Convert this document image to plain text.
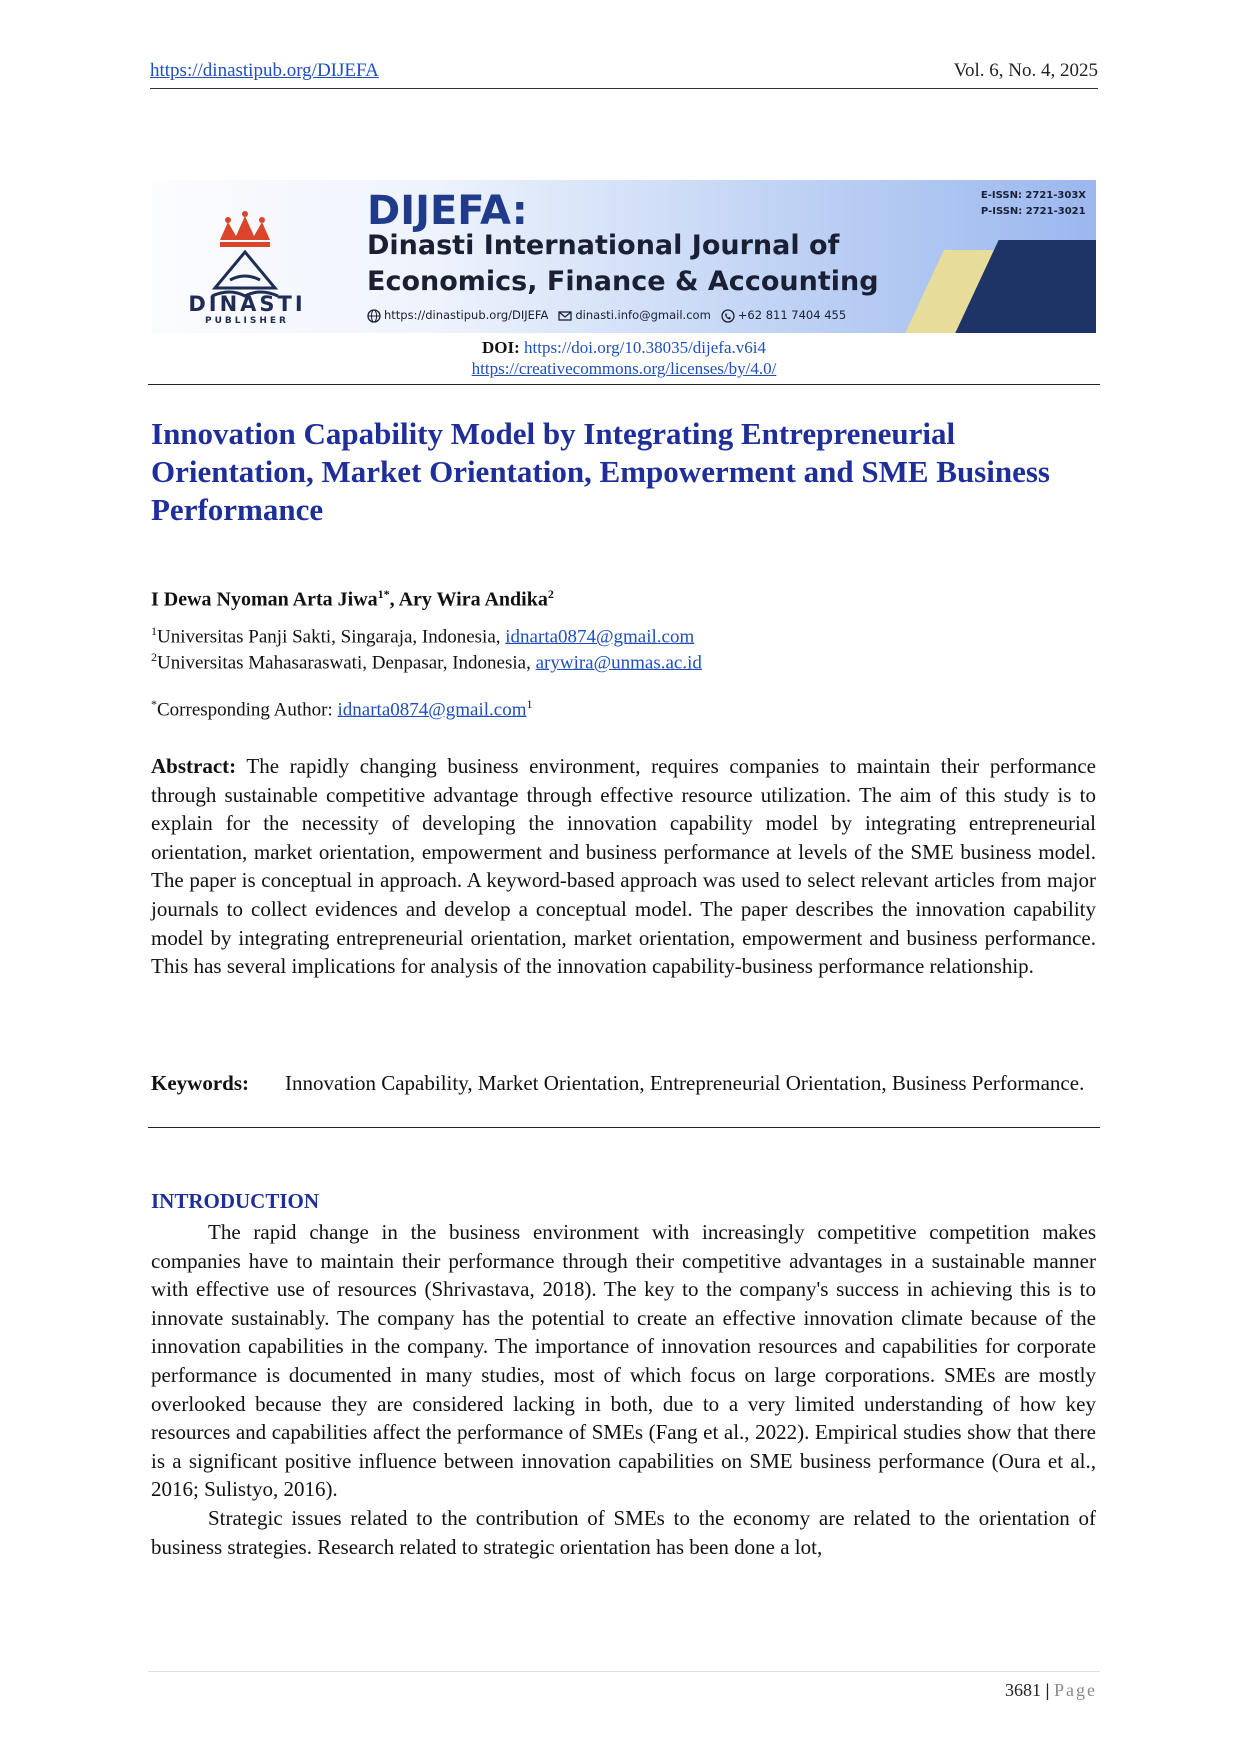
https://dinastipub.org/DIJEFA	Vol. 6, No. 4, 2025
DINASTI
PUBLISHER
DIJEFA:
Dinasti International Journal of
Economics, Finance & Accounting
https://dinastipub.org/DIJEFA	dinasti.info@gmail.com	+62 811 7404 455
E-ISSN: 2721-303X
P-ISSN: 2721-3021
DOI: https://doi.org/10.38035/dijefa.v6i4
https://creativecommons.org/licenses/by/4.0/
Innovation Capability Model by Integrating Entrepreneurial Orientation, Market Orientation, Empowerment and SME Business Performance
I Dewa Nyoman Arta Jiwa$^{1*}$, Ary Wira Andika$^2$
$^1$Universitas Panji Sakti, Singaraja, Indonesia, idnarta0874@gmail.com
$^2$Universitas Mahasaraswati, Denpasar, Indonesia, arywira@unmas.ac.id
*Corresponding Author: idnarta0874@gmail.com$^1$
Abstract: The rapidly changing business environment, requires companies to maintain their performance through sustainable competitive advantage through effective resource utilization. The aim of this study is to explain for the necessity of developing the innovation capability model by integrating entrepreneurial orientation, market orientation, empowerment and business performance at levels of the SME business model. The paper is conceptual in approach. A keyword-based approach was used to select relevant articles from major journals to collect evidences and develop a conceptual model. The paper describes the innovation capability model by integrating entrepreneurial orientation, market orientation, empowerment and business performance. This has several implications for analysis of the innovation capability-business performance relationship.
Keywords: Innovation Capability, Market Orientation, Entrepreneurial Orientation, Business Performance.
INTRODUCTION

The rapid change in the business environment with increasingly competitive competition makes companies have to maintain their performance through their competitive advantages in a sustainable manner with effective use of resources (Shrivastava, 2018). The key to the company's success in achieving this is to innovate sustainably. The company has the potential to create an effective innovation climate because of the innovation capabilities in the company. The importance of innovation resources and capabilities for corporate performance is documented in many studies, most of which focus on large corporations. SMEs are mostly overlooked because they are considered lacking in both, due to a very limited understanding of how key resources and capabilities affect the performance of SMEs (Fang et al., 2022). Empirical studies show that there is a significant positive influence between innovation capabilities on SME business performance (Oura et al., 2016; Sulistyo, 2016).

Strategic issues related to the contribution of SMEs to the economy are related to the orientation of business strategies. Research related to strategic orientation has been done a lot,

3681 | Page
